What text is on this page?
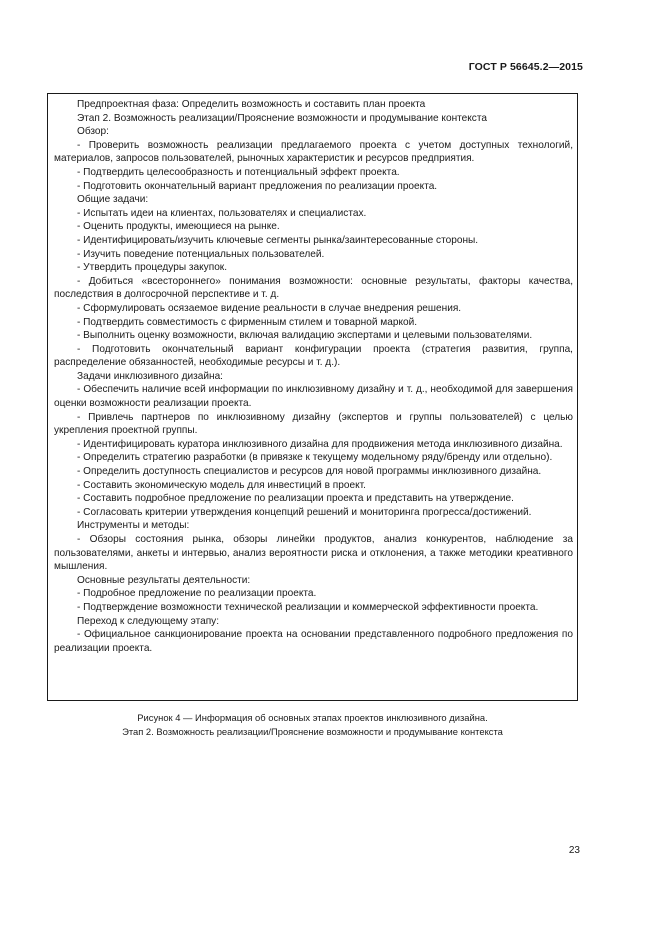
ГОСТ Р 56645.2—2015

Предпроектная фаза: Определить возможность и составить план проекта

Этап 2. Возможность реализации/Прояснение возможности и продумывание контекста

Обзор:

- Проверить возможность реализации предлагаемого проекта с учетом доступных технологий, материалов, запросов пользователей, рыночных характеристик и ресурсов предприятия.

- Подтвердить целесообразность и потенциальный эффект проекта.

- Подготовить окончательный вариант предложения по реализации проекта.

Общие задачи:

- Испытать идеи на клиентах, пользователях и специалистах.

- Оценить продукты, имеющиеся на рынке.

- Идентифицировать/изучить ключевые сегменты рынка/заинтересованные стороны.

- Изучить поведение потенциальных пользователей.

- Утвердить процедуры закупок.

- Добиться «всестороннего» понимания возможности: основные результаты, факторы качества, последствия в долгосрочной перспективе и т. д.

- Сформулировать осязаемое видение реальности в случае внедрения решения.

- Подтвердить совместимость с фирменным стилем и товарной маркой.

- Выполнить оценку возможности, включая валидацию экспертами и целевыми пользователями.

- Подготовить окончательный вариант конфигурации проекта (стратегия развития, группа, распределение обязанностей, необходимые ресурсы и т. д.).

Задачи инклюзивного дизайна:

- Обеспечить наличие всей информации по инклюзивному дизайну и т. д., необходимой для завершения оценки возможности реализации проекта.

- Привлечь партнеров по инклюзивному дизайну (экспертов и группы пользователей) с целью укрепления проектной группы.

- Идентифицировать куратора инклюзивного дизайна для продвижения метода инклюзивного дизайна.

- Определить стратегию разработки (в привязке к текущему модельному ряду/бренду или отдельно).

- Определить доступность специалистов и ресурсов для новой программы инклюзивного дизайна.

- Составить экономическую модель для инвестиций в проект.

- Составить подробное предложение по реализации проекта и представить на утверждение.

- Согласовать критерии утверждения концепций решений и мониторинга прогресса/достижений.

Инструменты и методы:

- Обзоры состояния рынка, обзоры линейки продуктов, анализ конкурентов, наблюдение за пользователями, анкеты и интервью, анализ вероятности риска и отклонения, а также методики креативного мышления.

Основные результаты деятельности:

- Подробное предложение по реализации проекта.

- Подтверждение возможности технической реализации и коммерческой эффективности проекта.

Переход к следующему этапу:

- Официальное санкционирование проекта на основании представленного подробного предложения по реализации проекта.

Рисунок 4 — Информация об основных этапах проектов инклюзивного дизайна.
Этап 2. Возможность реализации/Прояснение возможности и продумывание контекста
23
